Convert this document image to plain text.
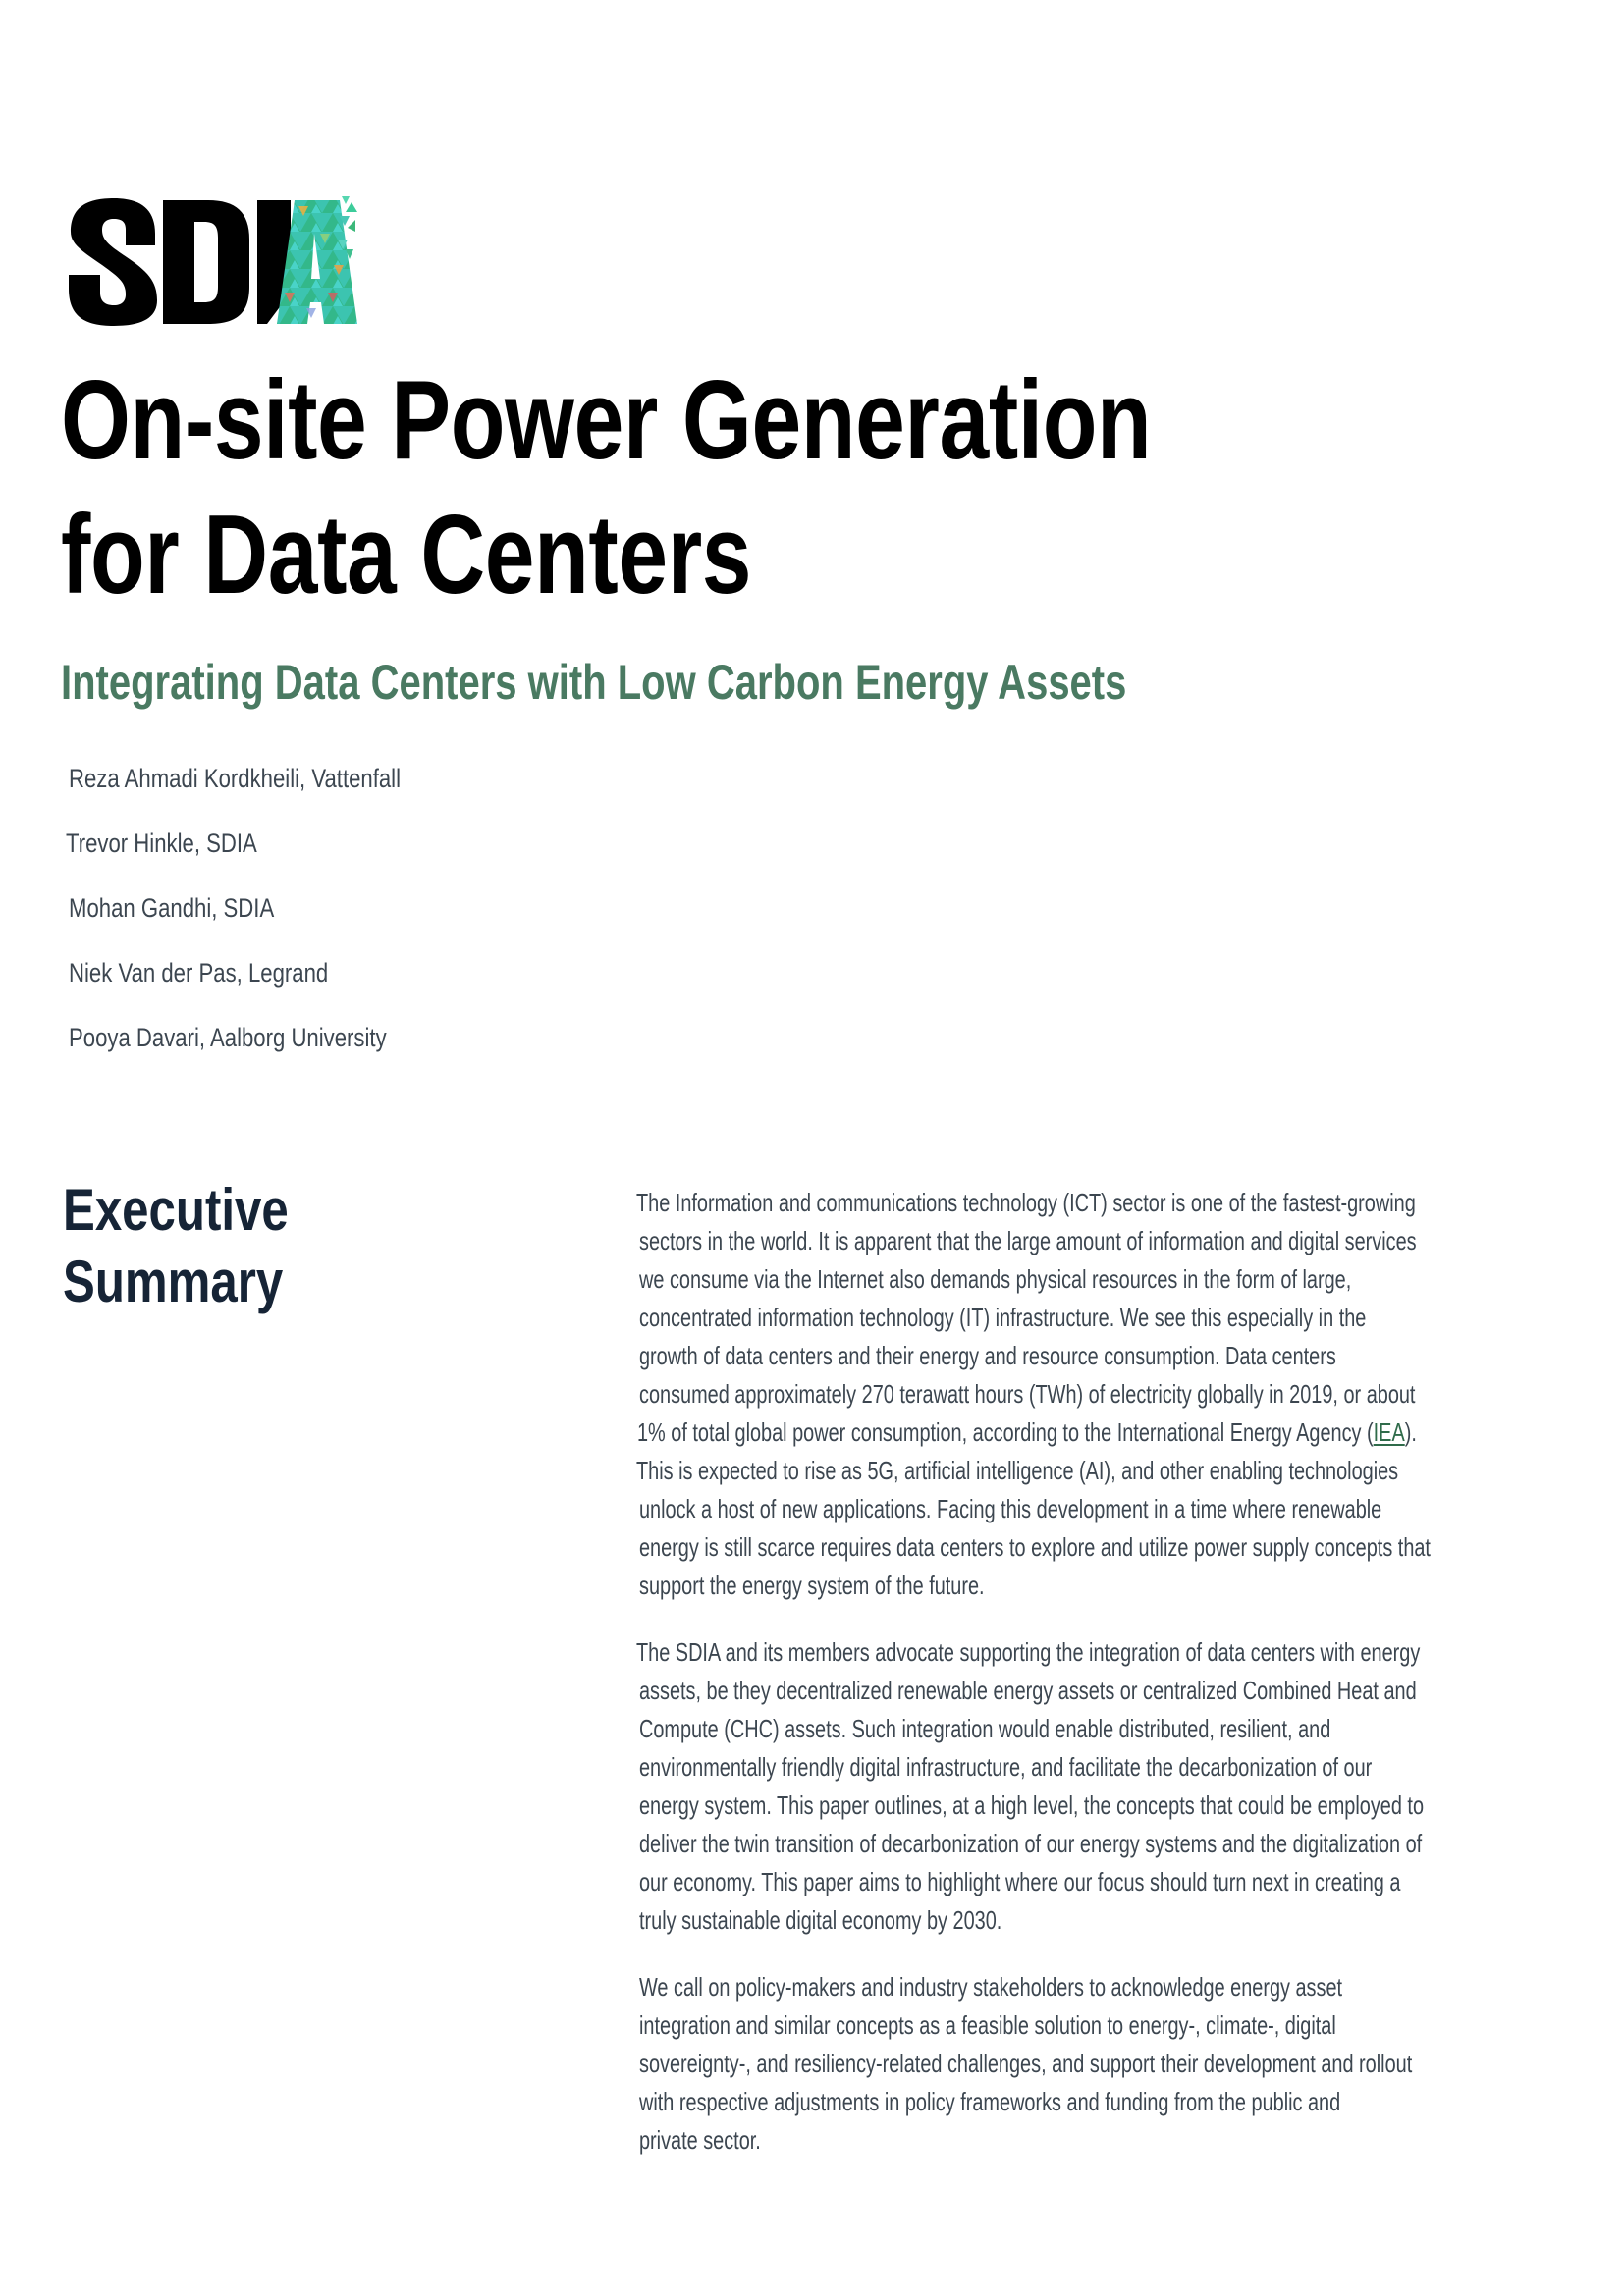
On-site Power Generation
for Data Centers
Integrating Data Centers with Low Carbon Energy Assets
Reza Ahmadi Kordkheili, Vattenfall
Trevor Hinkle, SDIA
Mohan Gandhi, SDIA
Niek Van der Pas, Legrand
Pooya Davari, Aalborg University
Executive
Summary
The Information and communications technology (ICT) sector is one of the fastest-growing
sectors in the world. It is apparent that the large amount of information and digital services
we consume via the Internet also demands physical resources in the form of large,
concentrated information technology (IT) infrastructure. We see this especially in the
growth of data centers and their energy and resource consumption. Data centers
consumed approximately 270 terawatt hours (TWh) of electricity globally in 2019, or about
1% of total global power consumption, according to the International Energy Agency (IEA).
This is expected to rise as 5G, artificial intelligence (AI), and other enabling technologies
unlock a host of new applications. Facing this development in a time where renewable
energy is still scarce requires data centers to explore and utilize power supply concepts that
support the energy system of the future.
The SDIA and its members advocate supporting the integration of data centers with energy
assets, be they decentralized renewable energy assets or centralized Combined Heat and
Compute (CHC) assets. Such integration would enable distributed, resilient, and
environmentally friendly digital infrastructure, and facilitate the decarbonization of our
energy system. This paper outlines, at a high level, the concepts that could be employed to
deliver the twin transition of decarbonization of our energy systems and the digitalization of
our economy. This paper aims to highlight where our focus should turn next in creating a
truly sustainable digital economy by 2030.
We call on policy-makers and industry stakeholders to acknowledge energy asset
integration and similar concepts as a feasible solution to energy-, climate-, digital
sovereignty-, and resiliency-related challenges, and support their development and rollout
with respective adjustments in policy frameworks and funding from the public and
private sector.
